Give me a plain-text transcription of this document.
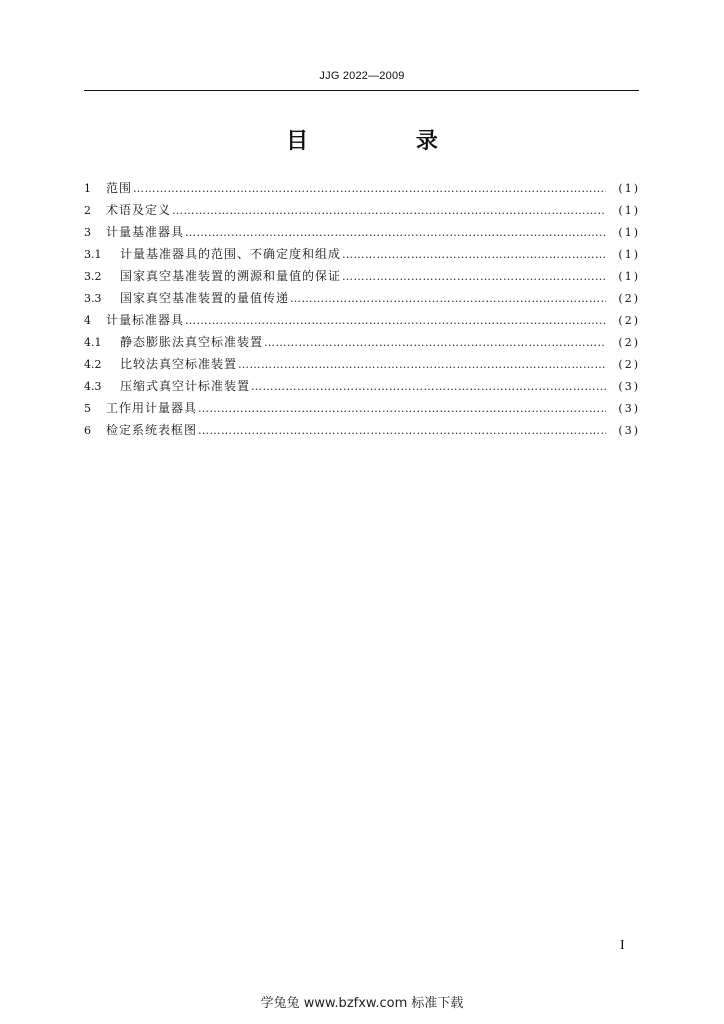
JJG 2022—2009
目 录
1	范围 ……………………………………………………………………………………………………………………………………………………………………………………………………	(1)
2	术语及定义 ……………………………………………………………………………………………………………………………………………………………………………………………………	(1)
3	计量基准器具 ……………………………………………………………………………………………………………………………………………………………………………………………………	(1)
3.1	计量基准器具的范围、不确定度和组成 ……………………………………………………………………………………………………………………………………………………………………………………………………	(1)
3.2	国家真空基准装置的溯源和量值的保证 ……………………………………………………………………………………………………………………………………………………………………………………………………	(1)
3.3	国家真空基准装置的量值传递 ……………………………………………………………………………………………………………………………………………………………………………………………………	(2)
4	计量标准器具 ……………………………………………………………………………………………………………………………………………………………………………………………………	(2)
4.1	静态膨胀法真空标准装置 ……………………………………………………………………………………………………………………………………………………………………………………………………	(2)
4.2	比较法真空标准装置 ……………………………………………………………………………………………………………………………………………………………………………………………………	(2)
4.3	压缩式真空计标准装置 ……………………………………………………………………………………………………………………………………………………………………………………………………	(3)
5	工作用计量器具 ……………………………………………………………………………………………………………………………………………………………………………………………………	(3)
6	检定系统表框图 ……………………………………………………………………………………………………………………………………………………………………………………………………	(3)
I
学兔兔 www.bzfxw.com 标准下载
